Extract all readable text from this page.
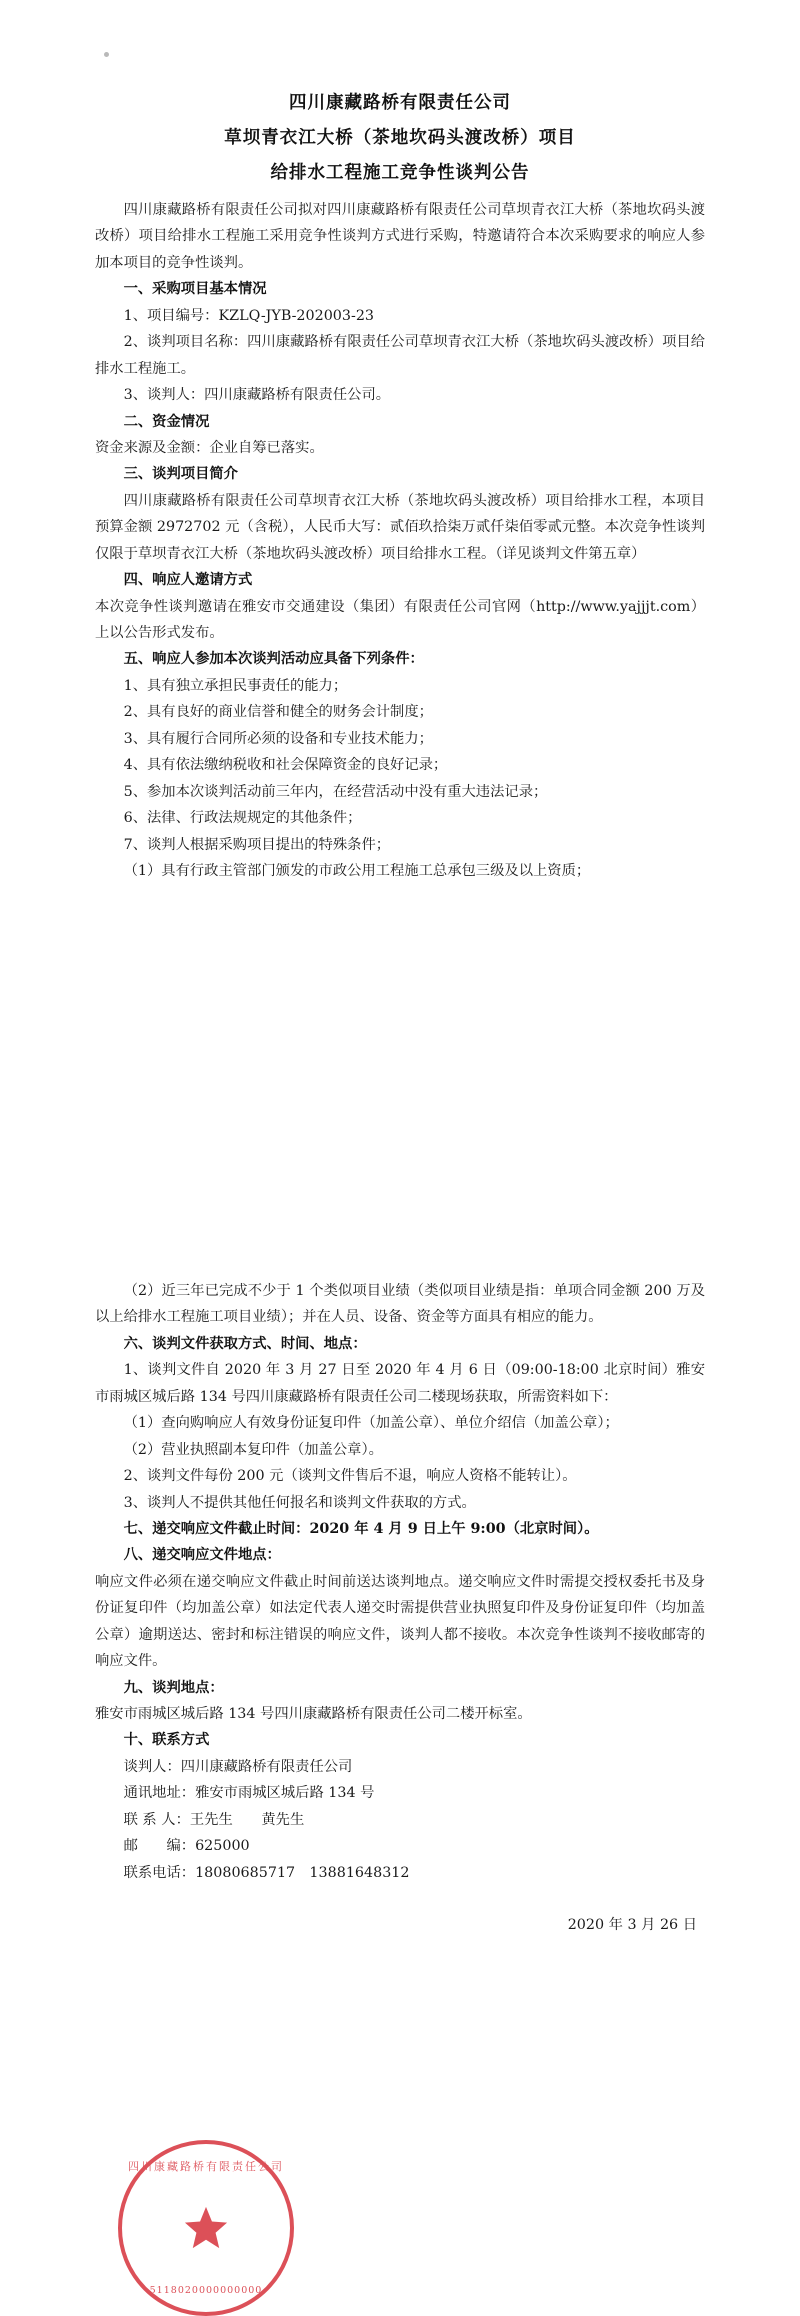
四川康藏路桥有限责任公司
草坝青衣江大桥（茶地坎码头渡改桥）项目
给排水工程施工竞争性谈判公告

四川康藏路桥有限责任公司拟对四川康藏路桥有限责任公司草坝青衣江大桥（茶地坎码头渡改桥）项目给排水工程施工采用竞争性谈判方式进行采购，特邀请符合本次采购要求的响应人参加本项目的竞争性谈判。

一、采购项目基本情况

1、项目编号：KZLQ-JYB-202003-23

2、谈判项目名称：四川康藏路桥有限责任公司草坝青衣江大桥（茶地坎码头渡改桥）项目给排水工程施工。

3、谈判人：四川康藏路桥有限责任公司。

二、资金情况

资金来源及金额：企业自筹已落实。

三、谈判项目简介

四川康藏路桥有限责任公司草坝青衣江大桥（茶地坎码头渡改桥）项目给排水工程，本项目预算金额 2972702 元（含税），人民币大写：贰佰玖拾柒万贰仟柒佰零贰元整。本次竞争性谈判仅限于草坝青衣江大桥（茶地坎码头渡改桥）项目给排水工程。（详见谈判文件第五章）

四、响应人邀请方式

本次竞争性谈判邀请在雅安市交通建设（集团）有限责任公司官网（http://www.yajjjt.com）上以公告形式发布。

五、响应人参加本次谈判活动应具备下列条件：

1、具有独立承担民事责任的能力；

2、具有良好的商业信誉和健全的财务会计制度；

3、具有履行合同所必须的设备和专业技术能力；

4、具有依法缴纳税收和社会保障资金的良好记录；

5、参加本次谈判活动前三年内，在经营活动中没有重大违法记录；

6、法律、行政法规规定的其他条件；

7、谈判人根据采购项目提出的特殊条件；

（1）具有行政主管部门颁发的市政公用工程施工总承包三级及以上资质；

（2）近三年已完成不少于 1 个类似项目业绩（类似项目业绩是指：单项合同金额 200 万及以上给排水工程施工项目业绩）；并在人员、设备、资金等方面具有相应的能力。

六、谈判文件获取方式、时间、地点：

1、谈判文件自 2020 年 3 月 27 日至 2020 年 4 月 6 日（09:00-18:00 北京时间）雅安市雨城区城后路 134 号四川康藏路桥有限责任公司二楼现场获取，所需资料如下：

（1）查向购响应人有效身份证复印件（加盖公章）、单位介绍信（加盖公章）；

（2）营业执照副本复印件（加盖公章）。

2、谈判文件每份 200 元（谈判文件售后不退，响应人资格不能转让）。

3、谈判人不提供其他任何报名和谈判文件获取的方式。

七、递交响应文件截止时间：2020 年 4 月 9 日上午 9:00（北京时间）。

八、递交响应文件地点：

响应文件必须在递交响应文件截止时间前送达谈判地点。递交响应文件时需提交授权委托书及身份证复印件（均加盖公章）如法定代表人递交时需提供营业执照复印件及身份证复印件（均加盖公章）逾期送达、密封和标注错误的响应文件，谈判人都不接收。本次竞争性谈判不接收邮寄的响应文件。

九、谈判地点：

雅安市雨城区城后路 134 号四川康藏路桥有限责任公司二楼开标室。

十、联系方式

谈判人：四川康藏路桥有限责任公司

通讯地址：雅安市雨城区城后路 134 号

联 系 人：王先生　　黄先生

邮　　编：625000

联系电话：18080685717　13881648312

2020 年 3 月 26 日

四川康藏路桥有限责任公司
5118020000000000
